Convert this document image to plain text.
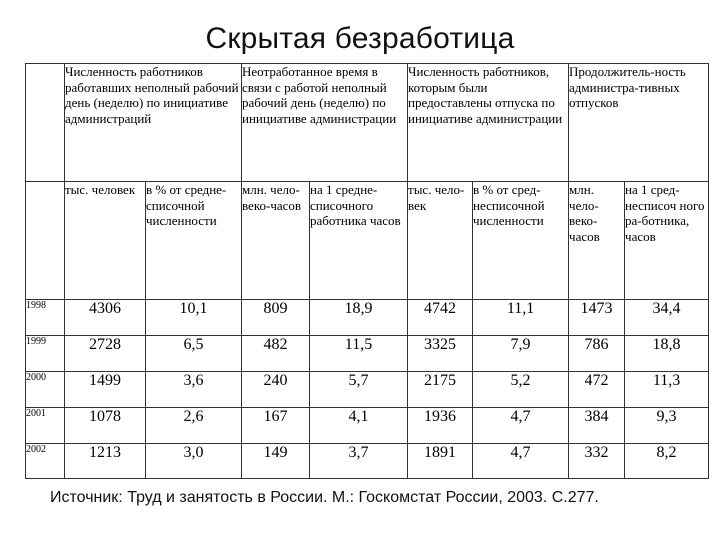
Скрытая безработица
	Численность работников работавших неполный рабочий день (неделю) по инициативе администраций		Неотработанное время в связи с работой неполный рабочий день (неделю) по инициативе администрации		Численность работников, которым были предоставлены отпуска по инициативе администрации		Продолжитель-ность администра-тивных отпусков	
	тыс. человек	в % от средне-списочной численности	млн. чело-веко-часов	на 1 средне-списочного работника часов	тыс. чело-век	в % от сред-несписочной численности	млн. чело-веко-часов	на 1 сред-несписоч ного ра-ботника, часов
1998	4306	10,1	809	18,9	4742	11,1	1473	34,4
1999	2728	6,5	482	11,5	3325	7,9	786	18,8
2000	1499	3,6	240	5,7	2175	5,2	472	11,3
2001	1078	2,6	167	4,1	1936	4,7	384	9,3
2002	1213	3,0	149	3,7	1891	4,7	332	8,2
Источник: Труд и занятость в России. М.: Госкомстат России, 2003. С.277.
